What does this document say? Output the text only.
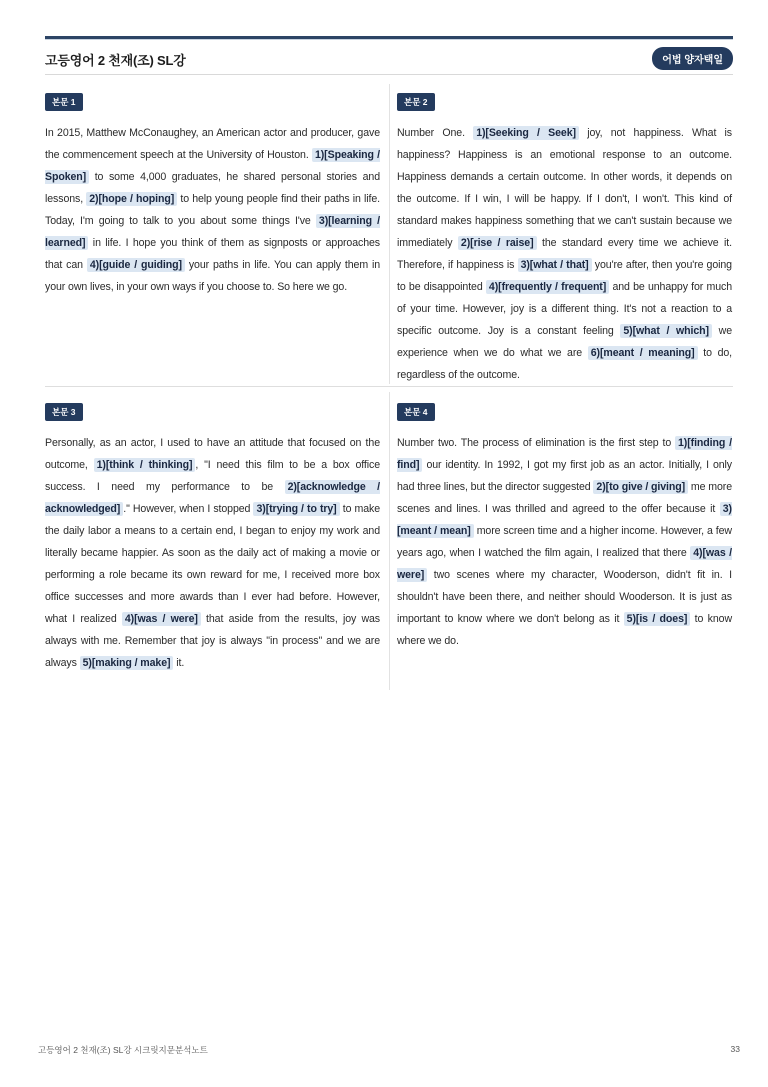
고등영어 2 천재(조) SL강	어법 양자택일
본문 1
In 2015, Matthew McConaughey, an American actor and producer, gave the commencement speech at the University of Houston. 1)[Speaking / Spoken] to some 4,000 graduates, he shared personal stories and lessons, 2)[hope / hoping] to help young people find their paths in life. Today, I'm going to talk to you about some things I've 3)[learning / learned] in life. I hope you think of them as signposts or approaches that can 4)[guide / guiding] your paths in life. You can apply them in your own lives, in your own ways if you choose to. So here we go.
본문 2
Number One. 1)[Seeking / Seek] joy, not happiness. What is happiness? Happiness is an emotional response to an outcome. Happiness demands a certain outcome. In other words, it depends on the outcome. If I win, I will be happy. If I don't, I won't. This kind of standard makes happiness something that we can't sustain because we immediately 2)[rise / raise] the standard every time we achieve it. Therefore, if happiness is 3)[what / that] you're after, then you're going to be disappointed 4)[frequently / frequent] and be unhappy for much of your time. However, joy is a different thing. It's not a reaction to a specific outcome. Joy is a constant feeling 5)[what / which] we experience when we do what we are 6)[meant / meaning] to do, regardless of the outcome.
본문 3
Personally, as an actor, I used to have an attitude that focused on the outcome, 1)[think / thinking] , "I need this film to be a box office success. I need my performance to be 2)[acknowledge / acknowledged] ." However, when I stopped 3)[trying / to try] to make the daily labor a means to a certain end, I began to enjoy my work and literally became happier. As soon as the daily act of making a movie or performing a role became its own reward for me, I received more box office successes and more awards than I ever had before. However, what I realized 4)[was / were] that aside from the results, joy was always with me. Remember that joy is always "in process" and we are always 5)[making / make] it.
본문 4
Number two. The process of elimination is the first step to 1)[finding / find] our identity. In 1992, I got my first job as an actor. Initially, I only had three lines, but the director suggested 2)[to give / giving] me more scenes and lines. I was thrilled and agreed to the offer because it 3)[meant / mean] more screen time and a higher income. However, a few years ago, when I watched the film again, I realized that there 4)[was / were] two scenes where my character, Wooderson, didn't fit in. I shouldn't have been there, and neither should Wooderson. It is just as important to know where we don't belong as it 5)[is / does] to know where we do.
고등영어 2 천재(조) SL강 시크릿지문분석노트	33
